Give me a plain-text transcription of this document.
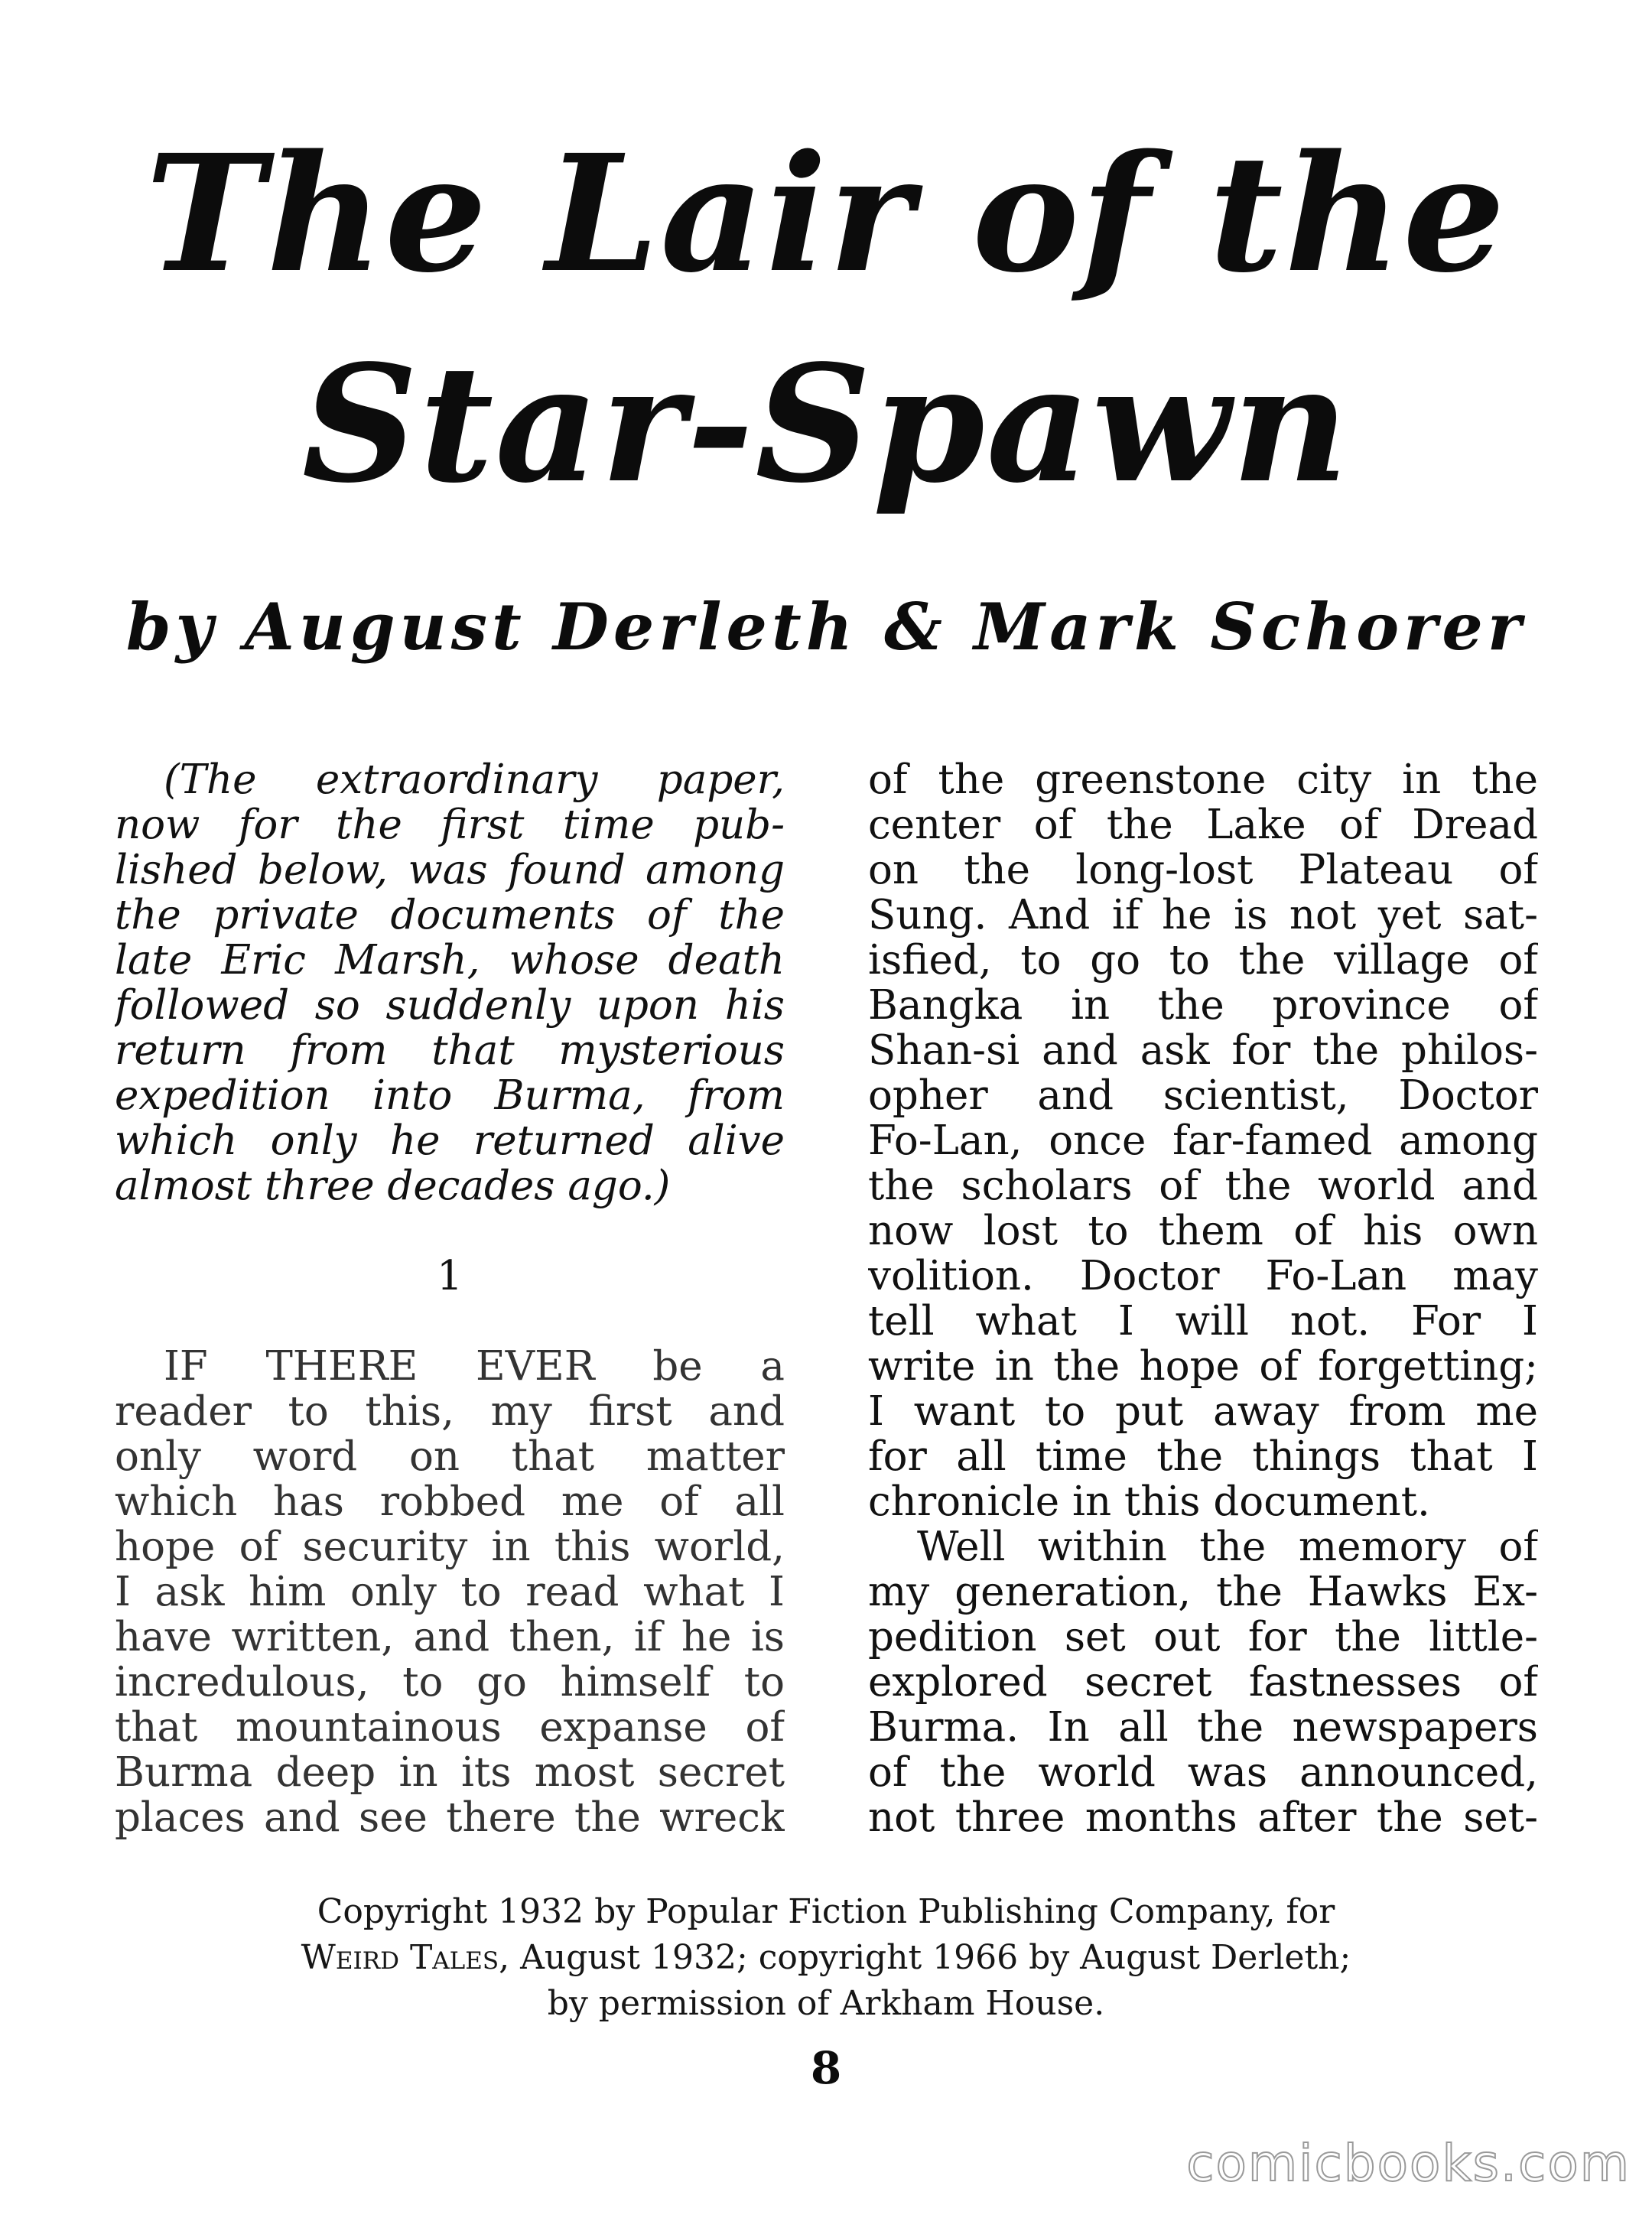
The Lair of the
Star-Spawn
by August Derleth & Mark Schorer
(The extraordinary paper,
now for the first time pub-
lished below, was found among
the private documents of the
late Eric Marsh, whose death
followed so suddenly upon his
return from that mysterious
expedition into Burma, from
which only he returned alive
almost three decades ago.)
1
IF THERE EVER be a
reader to this, my first and
only word on that matter
which has robbed me of all
hope of security in this world,
I ask him only to read what I
have written, and then, if he is
incredulous, to go himself to
that mountainous expanse of
Burma deep in its most secret
places and see there the wreck
of the greenstone city in the
center of the Lake of Dread
on the long-lost Plateau of
Sung. And if he is not yet sat-
isfied, to go to the village of
Bangka in the province of
Shan-si and ask for the philos-
opher and scientist, Doctor
Fo-Lan, once far-famed among
the scholars of the world and
now lost to them of his own
volition. Doctor Fo-Lan may
tell what I will not. For I
write in the hope of forgetting;
I want to put away from me
for all time the things that I
chronicle in this document.
Well within the memory of
my generation, the Hawks Ex-
pedition set out for the little-
explored secret fastnesses of
Burma. In all the newspapers
of the world was announced,
not three months after the set-
Copyright 1932 by Popular Fiction Publishing Company, for
Weird Tales, August 1932; copyright 1966 by August Derleth;
by permission of Arkham House.
8
comicbooks.com
